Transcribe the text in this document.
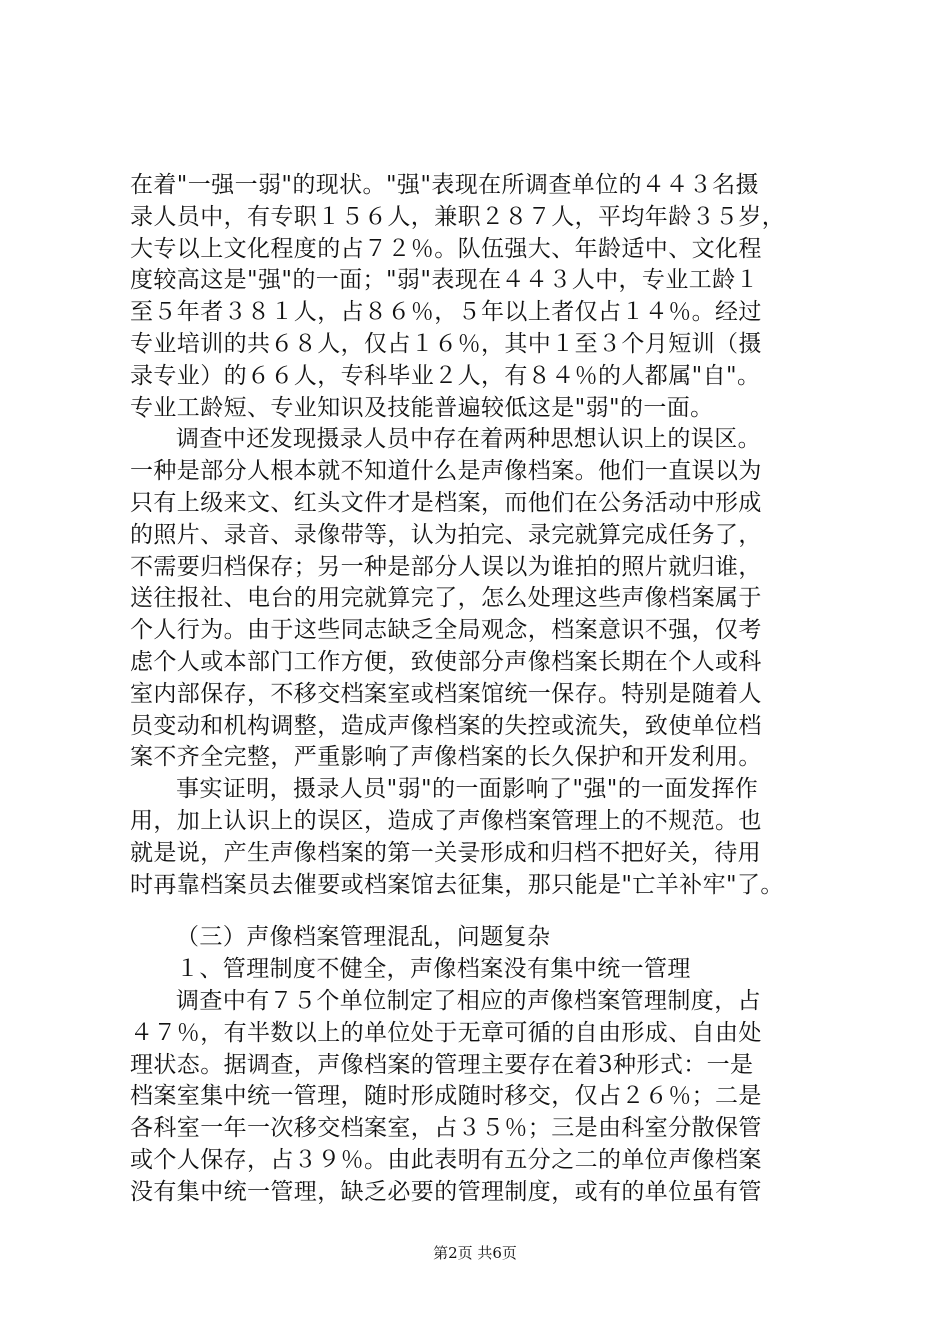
在着"一强一弱"的现状。"强"表现在所调查单位的４４３名摄
录人员中，有专职１５６人，兼职２８７人，平均年龄３５岁，
大专以上文化程度的占７２％。队伍强大、年龄适中、文化程
度较高这是"强"的一面；"弱"表现在４４３人中，专业工龄１
至５年者３８１人，占８６％，５年以上者仅占１４％。经过
专业培训的共６８人，仅占１６％，其中１至３个月短训（摄
录专业）的６６人，专科毕业２人，有８４％的人都属"自"。
专业工龄短、专业知识及技能普遍较低这是"弱"的一面。
调查中还发现摄录人员中存在着两种思想认识上的误区。
一种是部分人根本就不知道什么是声像档案。他们一直误以为
只有上级来文、红头文件才是档案，而他们在公务活动中形成
的照片、录音、录像带等，认为拍完、录完就算完成任务了，
不需要归档保存；另一种是部分人误以为谁拍的照片就归谁，
送往报社、电台的用完就算完了，怎么处理这些声像档案属于
个人行为。由于这些同志缺乏全局观念，档案意识不强，仅考
虑个人或本部门工作方便，致使部分声像档案长期在个人或科
室内部保存，不移交档案室或档案馆统一保存。特别是随着人
员变动和机构调整，造成声像档案的失控或流失，致使单位档
案不齐全完整，严重影响了声像档案的长久保护和开发利用。
事实证明，摄录人员"弱"的一面影响了"强"的一面发挥作
用，加上认识上的误区，造成了声像档案管理上的不规范。也
就是说，产生声像档案的第一关킃形成和归档不把好关，待用
时再靠档案员去催要或档案馆去征集，那只能是"亡羊补牢"了。
（三）声像档案管理混乱，问题复杂
１、管理制度不健全，声像档案没有集中统一管理
调查中有７５个单位制定了相应的声像档案管理制度，占
４７％，有半数以上的单位处于无章可循的自由形成、自由处
理状态。据调查，声像档案的管理主要存在着3种形式：一是
档案室集中统一管理，随时形成随时移交，仅占２６％；二是
各科室一年一次移交档案室，占３５％；三是由科室分散保管
或个人保存，占３９％。由此表明有五分之二的单位声像档案
没有集中统一管理，缺乏必要的管理制度，或有的单位虽有管
第2页 共6页
